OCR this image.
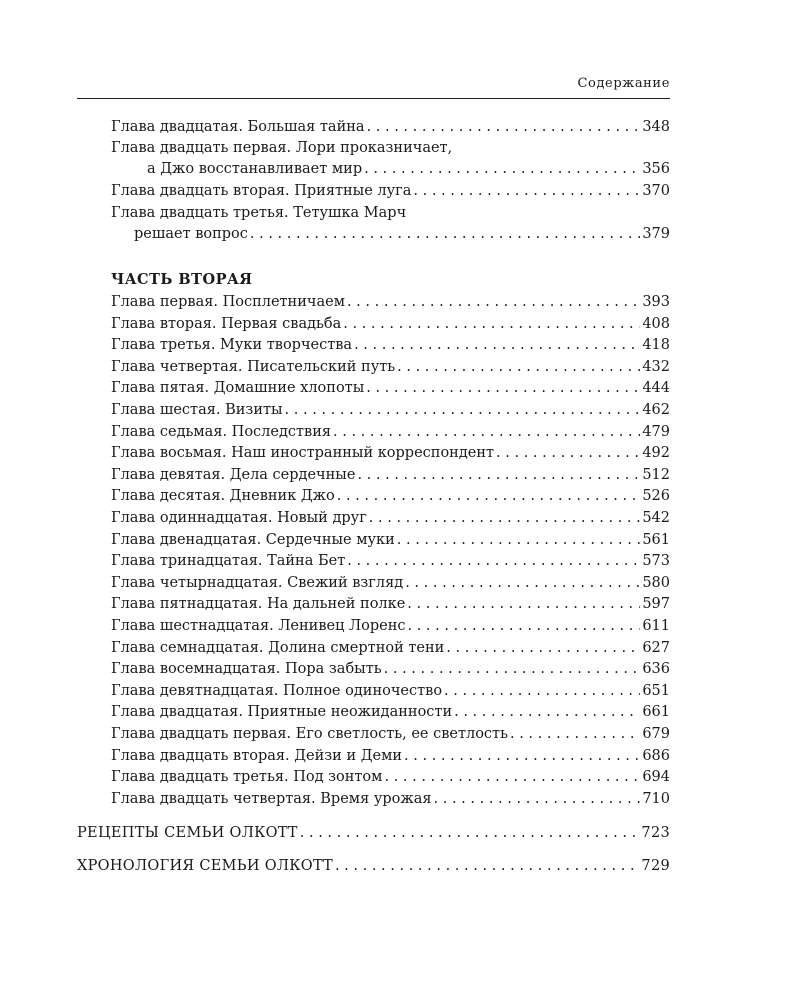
Содержание
Глава двадцатая. Большая тайна . . .	348
Глава двадцать первая. Лори проказничает,
а Джо восстанавливает мир . . .	356
Глава двадцать вторая. Приятные луга . . .	370
Глава двадцать третья. Тетушка Марч
решает вопрос . . .	379
ЧАСТЬ ВТОРАЯ
Глава первая. Посплетничаем . . .	393
Глава вторая. Первая свадьба . . .	408
Глава третья. Муки творчества . . .	418
Глава четвертая. Писательский путь . . .	432
Глава пятая. Домашние хлопоты . . .	444
Глава шестая. Визиты . . .	462
Глава седьмая. Последствия . . .	479
Глава восьмая. Наш иностранный корреспондент . . .	492
Глава девятая. Дела сердечные . . .	512
Глава десятая. Дневник Джо . . .	526
Глава одиннадцатая. Новый друг . . .	542
Глава двенадцатая. Сердечные муки . . .	561
Глава тринадцатая. Тайна Бет . . .	573
Глава четырнадцатая. Свежий взгляд . . .	580
Глава пятнадцатая. На дальней полке . . .	597
Глава шестнадцатая. Ленивец Лоренс . . .	611
Глава семнадцатая. Долина смертной тени . . .	627
Глава восемнадцатая. Пора забыть . . .	636
Глава девятнадцатая. Полное одиночество . . .	651
Глава двадцатая. Приятные неожиданности . . .	661
Глава двадцать первая. Его светлость, ее светлость . . .	679
Глава двадцать вторая. Дейзи и Деми . . .	686
Глава двадцать третья. Под зонтом . . .	694
Глава двадцать четвертая. Время урожая . . .	710
РЕЦЕПТЫ СЕМЬИ ОЛКОТТ . . .	723
ХРОНОЛОГИЯ СЕМЬИ ОЛКОТТ . . .	729
